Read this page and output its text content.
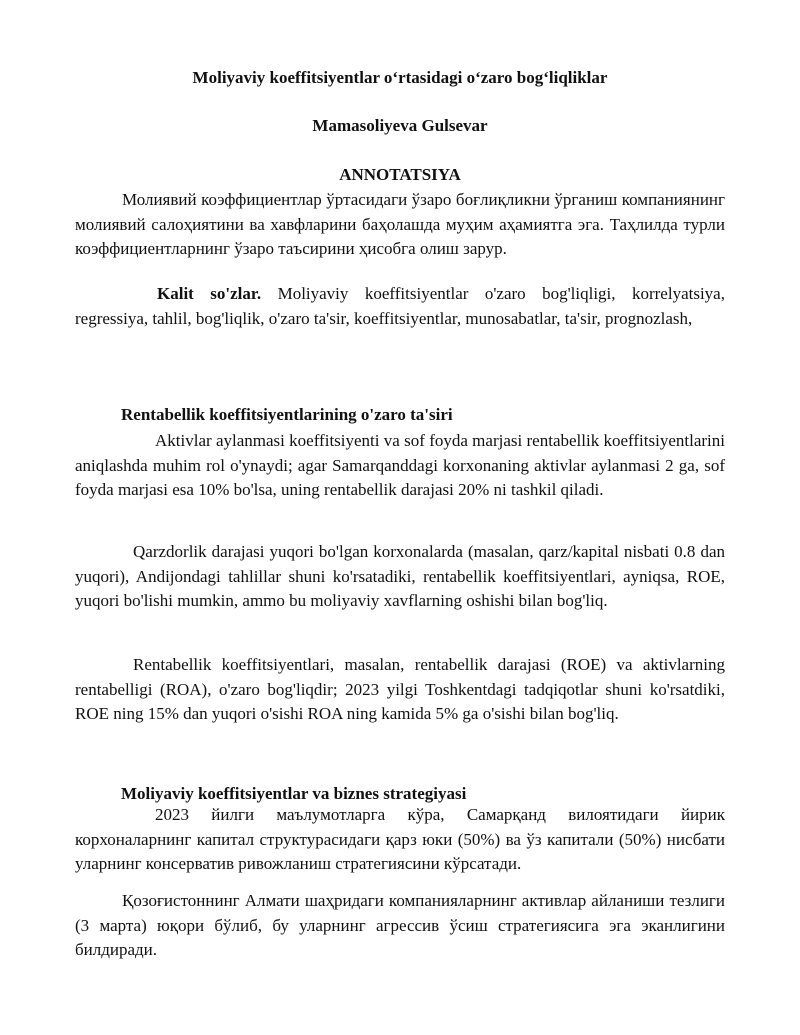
Moliyaviy koeffitsiyentlar oʻrtasidagi oʻzaro bogʻliqliklar

Mamasoliyeva Gulsevar

ANNOTATSIYA

Молиявий коэффициентлар ўртасидаги ўзаро боғлиқликни ўрганиш компаниянинг молиявий салоҳиятини ва хавфларини баҳолашда муҳим аҳамиятга эга. Таҳлилда турли коэффициентларнинг ўзаро таъсирини ҳисобга олиш зарур.

Kalit so'zlar. Moliyaviy koeffitsiyentlar o'zaro bog'liqligi, korrelyatsiya, regressiya, tahlil, bog'liqlik, o'zaro ta'sir, koeffitsiyentlar, munosabatlar, ta'sir, prognozlash,

Rentabellik koeffitsiyentlarining o'zaro ta'siri

Aktivlar aylanmasi koeffitsiyenti va sof foyda marjasi rentabellik koeffitsiyentlarini aniqlashda muhim rol o'ynaydi; agar Samarqanddagi korxonaning aktivlar aylanmasi 2 ga, sof foyda marjasi esa 10% bo'lsa, uning rentabellik darajasi 20% ni tashkil qiladi.

Qarzdorlik darajasi yuqori bo'lgan korxonalarda (masalan, qarz/kapital nisbati 0.8 dan yuqori), Andijondagi tahlillar shuni ko'rsatadiki, rentabellik koeffitsiyentlari, ayniqsa, ROE, yuqori bo'lishi mumkin, ammo bu moliyaviy xavflarning oshishi bilan bog'liq.

Rentabellik koeffitsiyentlari, masalan, rentabellik darajasi (ROE) va aktivlarning rentabelligi (ROA), o'zaro bog'liqdir; 2023 yilgi Toshkentdagi tadqiqotlar shuni ko'rsatdiki, ROE ning 15% dan yuqori o'sishi ROA ning kamida 5% ga o'sishi bilan bog'liq.

Moliyaviy koeffitsiyentlar va biznes strategiyasi

2023 йилги маълумотларга кўра, Самарқанд вилоятидаги йирик корхоналарнинг капитал структурасидаги қарз юки (50%) ва ўз капитали (50%) нисбати уларнинг консерватив ривожланиш стратегиясини кўрсатади.

Қозоғистоннинг Алмати шаҳридаги компанияларнинг активлар айланиши тезлиги (3 марта) юқори бўлиб, бу уларнинг агрессив ўсиш стратегиясига эга эканлигини билдиради.
